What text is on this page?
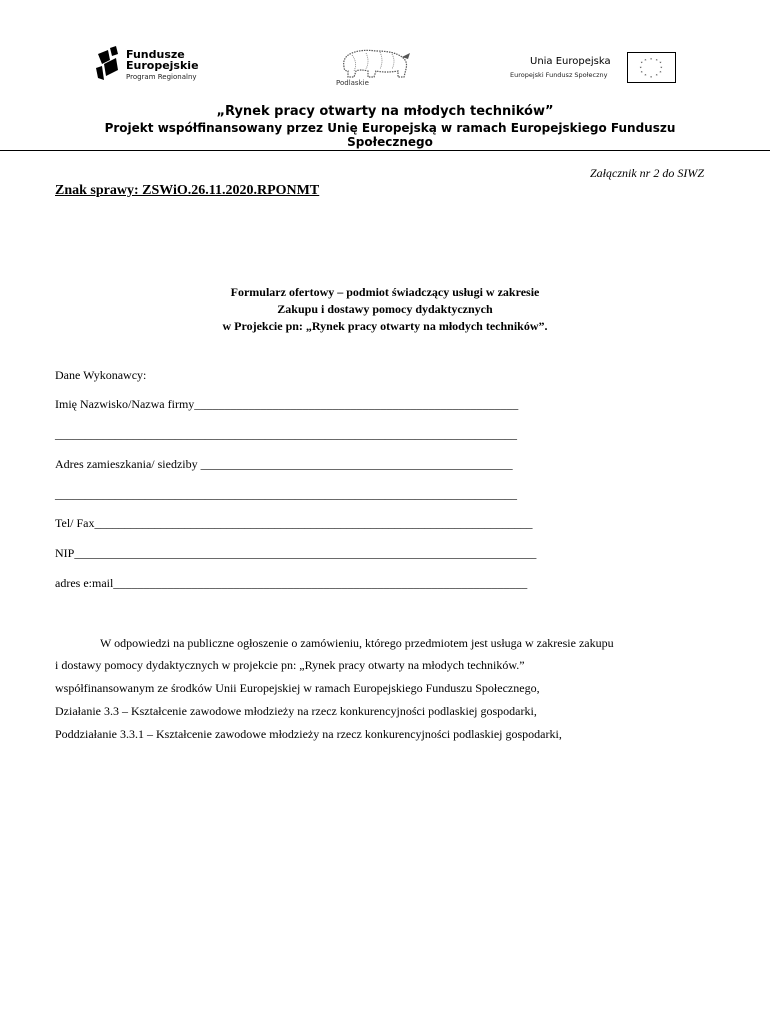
Fundusze
Europejskie
Program Regionalny
Podlaskie
Unia Europejska
Europejski Fundusz Społeczny
* *
*
*
*
*
*
*
*
*
*
*
„Rynek pracy otwarty na młodych techników”
Projekt współfinansowany przez Unię Europejską w ramach Europejskiego Funduszu Społecznego
Załącznik nr 2 do SIWZ
Znak sprawy: ZSWiO.26.11.2020.RPONMT
Formularz ofertowy – podmiot świadczący usługi w zakresie
Zakupu i dostawy pomocy dydaktycznych
w Projekcie pn: „Rynek pracy otwarty na młodych techników”.
Dane Wykonawcy:
Imię Nazwisko/Nazwa firmy______________________________________________________
_____________________________________________________________________________
Adres zamieszkania/ siedziby ____________________________________________________
_____________________________________________________________________________
Tel/ Fax_________________________________________________________________________
NIP_____________________________________________________________________________
adres e:mail_____________________________________________________________________
W odpowiedzi na publiczne ogłoszenie o zamówieniu, którego przedmiotem jest usługa w zakresie zakupu
i dostawy pomocy dydaktycznych w projekcie pn: „Rynek pracy otwarty na młodych techników.”
współfinansowanym ze środków Unii Europejskiej w ramach Europejskiego Funduszu Społecznego,
Działanie 3.3 – Kształcenie zawodowe młodzieży na rzecz konkurencyjności podlaskiej gospodarki,
Poddziałanie 3.3.1 – Kształcenie zawodowe młodzieży na rzecz konkurencyjności podlaskiej gospodarki,
